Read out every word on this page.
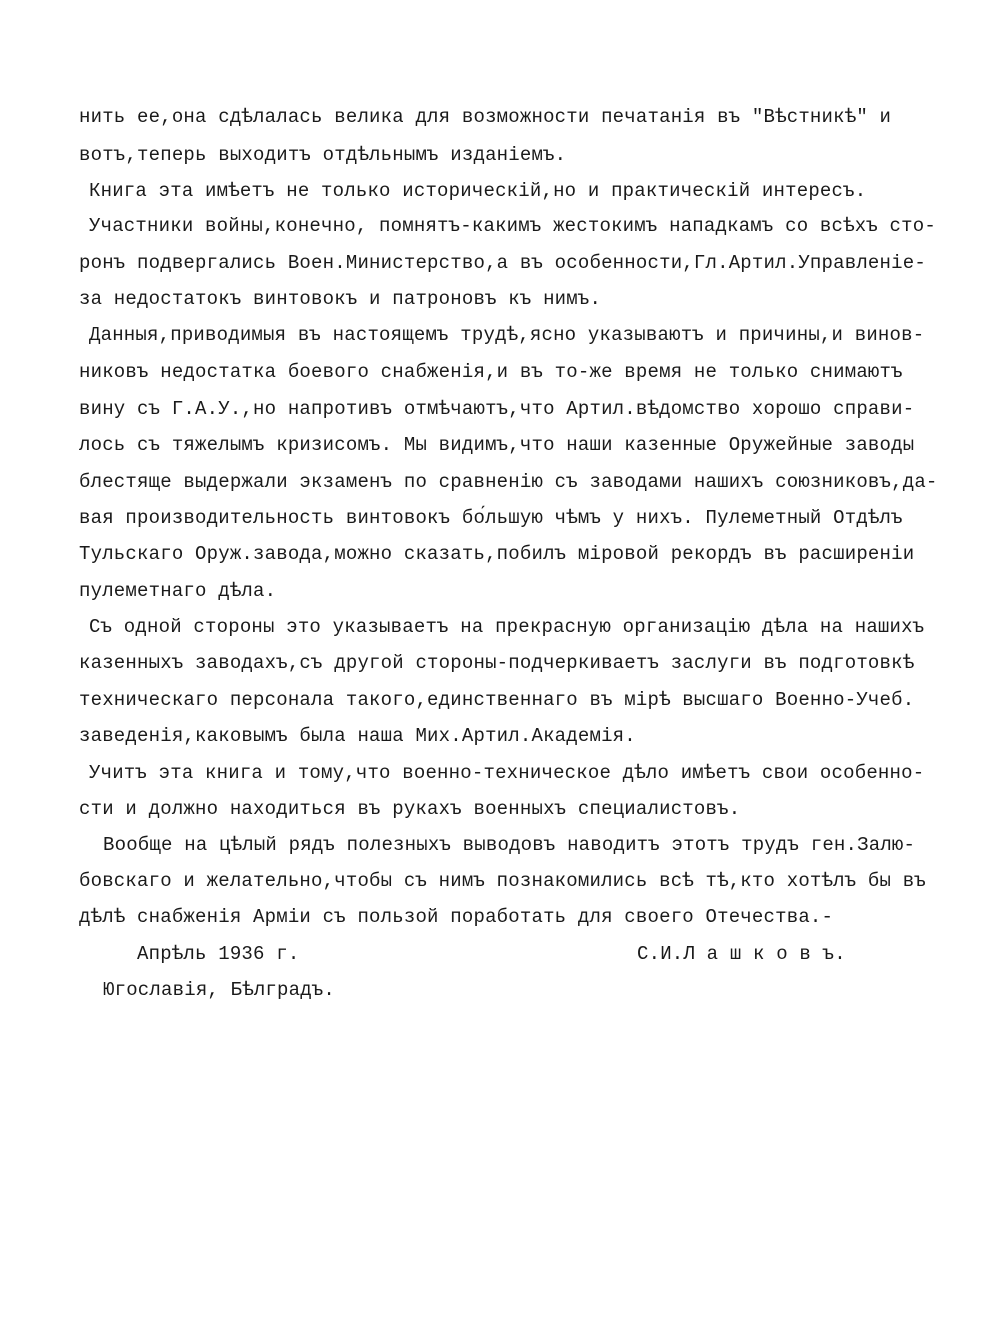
нить ее,она сдѣлалась велика для возможности печатанія въ "Вѣстникѣ" и
вотъ,теперь выходитъ отдѣльнымъ изданіемъ.
Книга эта имѣетъ не только историческій,но и практическій интересъ.
Участники войны,конечно, помнятъ-какимъ жестокимъ нападкамъ со всѣхъ сто-
ронъ подвергались Воен.Министерство,а въ особенности,Гл.Артил.Управленіе-
за недостатокъ винтовокъ и патроновъ къ нимъ.
Данныя,приводимыя въ настоящемъ трудѣ,ясно указываютъ и причины,и винов-
никовъ недостатка боевого снабженія,и въ то-же время не только снимаютъ
вину съ Г.А.У.,но напротивъ отмѣчаютъ,что Артил.вѣдомство хорошо справи-
лось съ тяжелымъ кризисомъ. Мы видимъ,что наши казенные Оружейные заводы
блестяще выдержали экзаменъ по сравненію съ заводами нашихъ союзниковъ,да-
вая производительность винтовокъ бо́льшую чѣмъ у нихъ. Пулеметный Отдѣлъ
Тульскаго Оруж.завода,можно сказать,побилъ міровой рекордъ въ расширеніи
пулеметнаго дѣла.
Съ одной стороны это указываетъ на прекрасную организацію дѣла на нашихъ
казенныхъ заводахъ,съ другой стороны-подчеркиваетъ заслуги въ подготовкѣ
техническаго персонала такого,единственнаго въ мірѣ высшаго Военно-Учеб.
заведенія,каковымъ была наша Мих.Артил.Академія.
Учитъ эта книга и тому,что военно-техническое дѣло имѣетъ свои особенно-
сти и должно находиться въ рукахъ военныхъ специалистовъ.
Вообще на цѣлый рядъ полезныхъ выводовъ наводитъ этотъ трудъ ген.Залю-
бовскаго и желательно,чтобы съ нимъ познакомились всѣ тѣ,кто хотѣлъ бы въ
дѣлѣ снабженія Арміи съ пользой поработать для своего Отечества.-
Апрѣль 1936 г.	С.И.Л а ш к о в ъ.
Югославія, Бѣлградъ.
